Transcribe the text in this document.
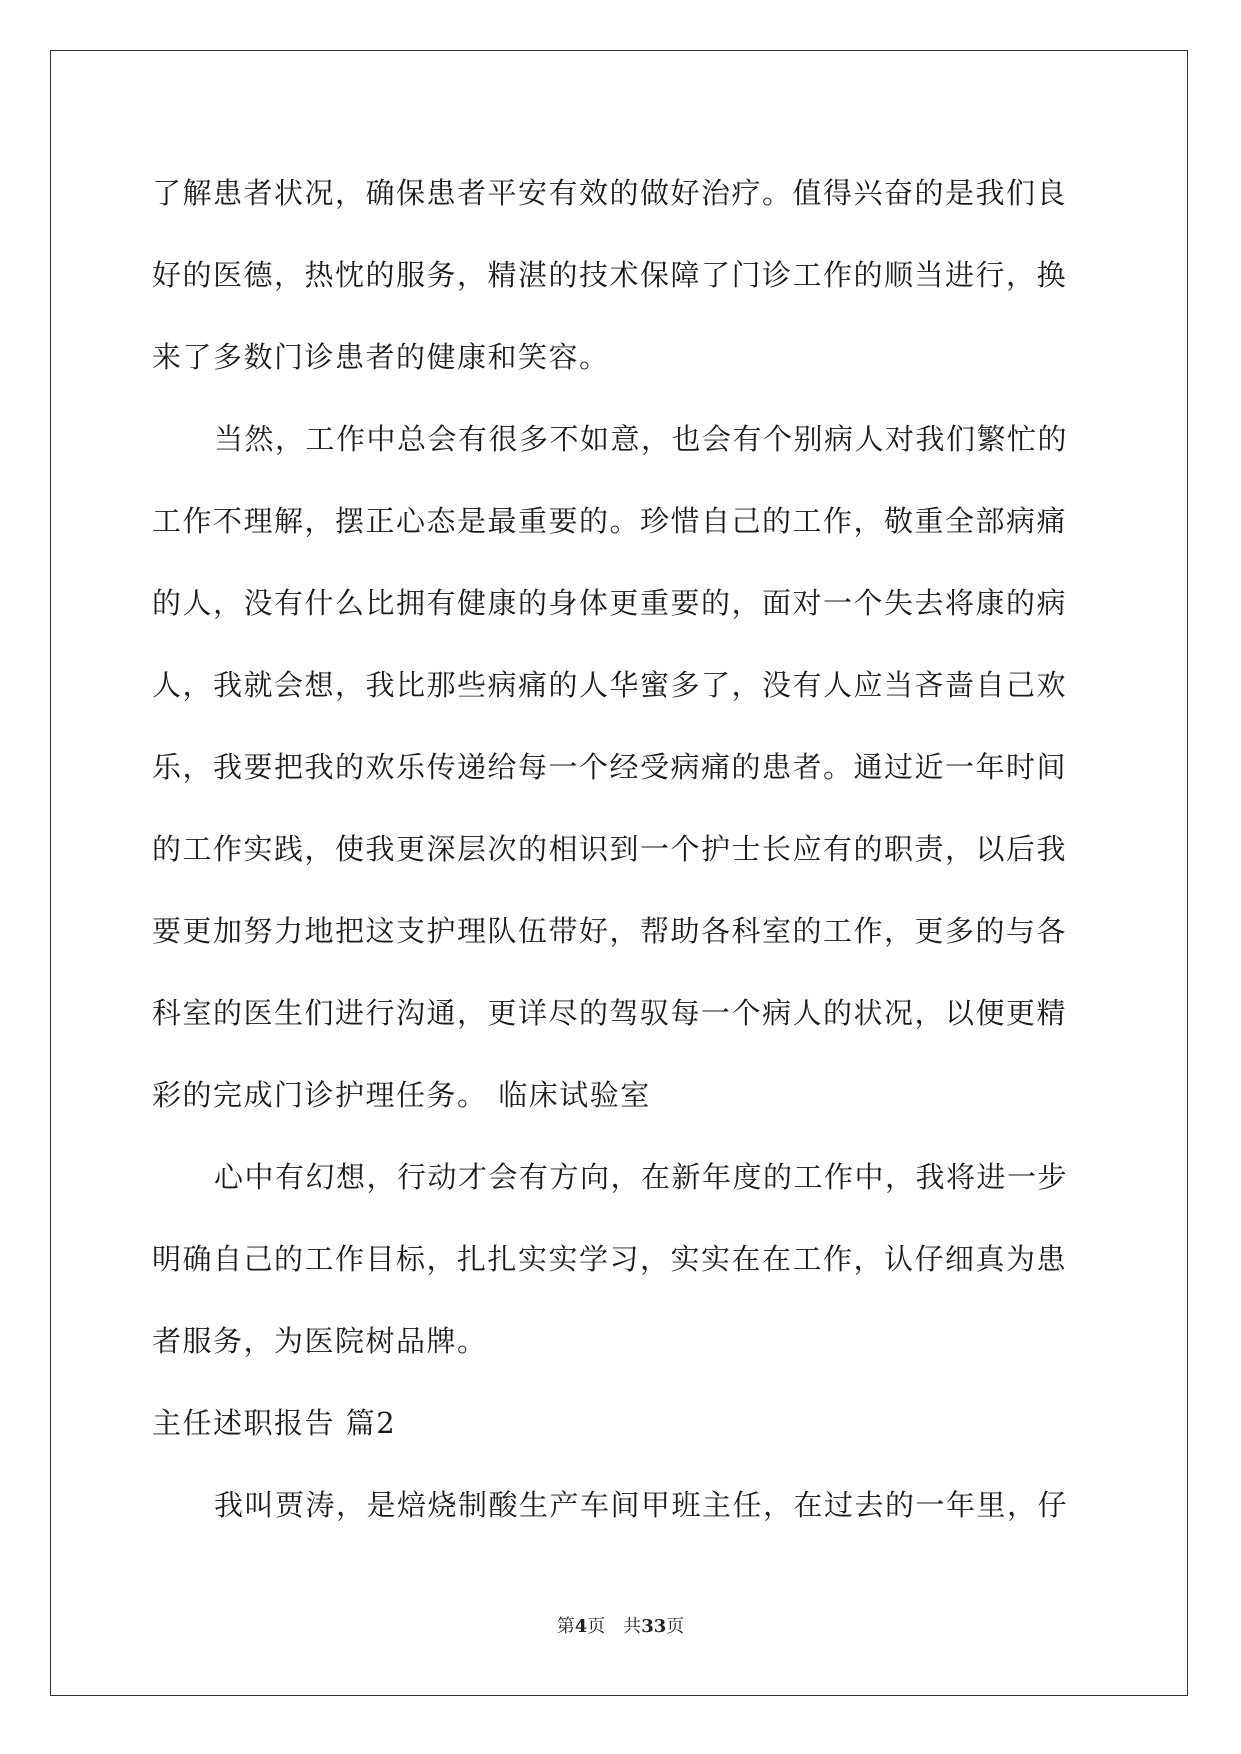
了解患者状况，确保患者平安有效的做好治疗。值得兴奋的是我们良
好的医德，热忱的服务，精湛的技术保障了门诊工作的顺当进行，换
来了多数门诊患者的健康和笑容。
当然，工作中总会有很多不如意，也会有个别病人对我们繁忙的
工作不理解，摆正心态是最重要的。珍惜自己的工作，敬重全部病痛
的人，没有什么比拥有健康的身体更重要的，面对一个失去将康的病
人，我就会想，我比那些病痛的人华蜜多了，没有人应当吝啬自己欢
乐，我要把我的欢乐传递给每一个经受病痛的患者。通过近一年时间
的工作实践，使我更深层次的相识到一个护士长应有的职责，以后我
要更加努力地把这支护理队伍带好，帮助各科室的工作，更多的与各
科室的医生们进行沟通，更详尽的驾驭每一个病人的状况，以便更精
彩的完成门诊护理任务。 临床试验室
心中有幻想，行动才会有方向，在新年度的工作中，我将进一步
明确自己的工作目标，扎扎实实学习，实实在在工作，认仔细真为患
者服务，为医院树品牌。
主任述职报告 篇2
我叫贾涛，是焙烧制酸生产车间甲班主任，在过去的一年里，仔
第4页 共33页
